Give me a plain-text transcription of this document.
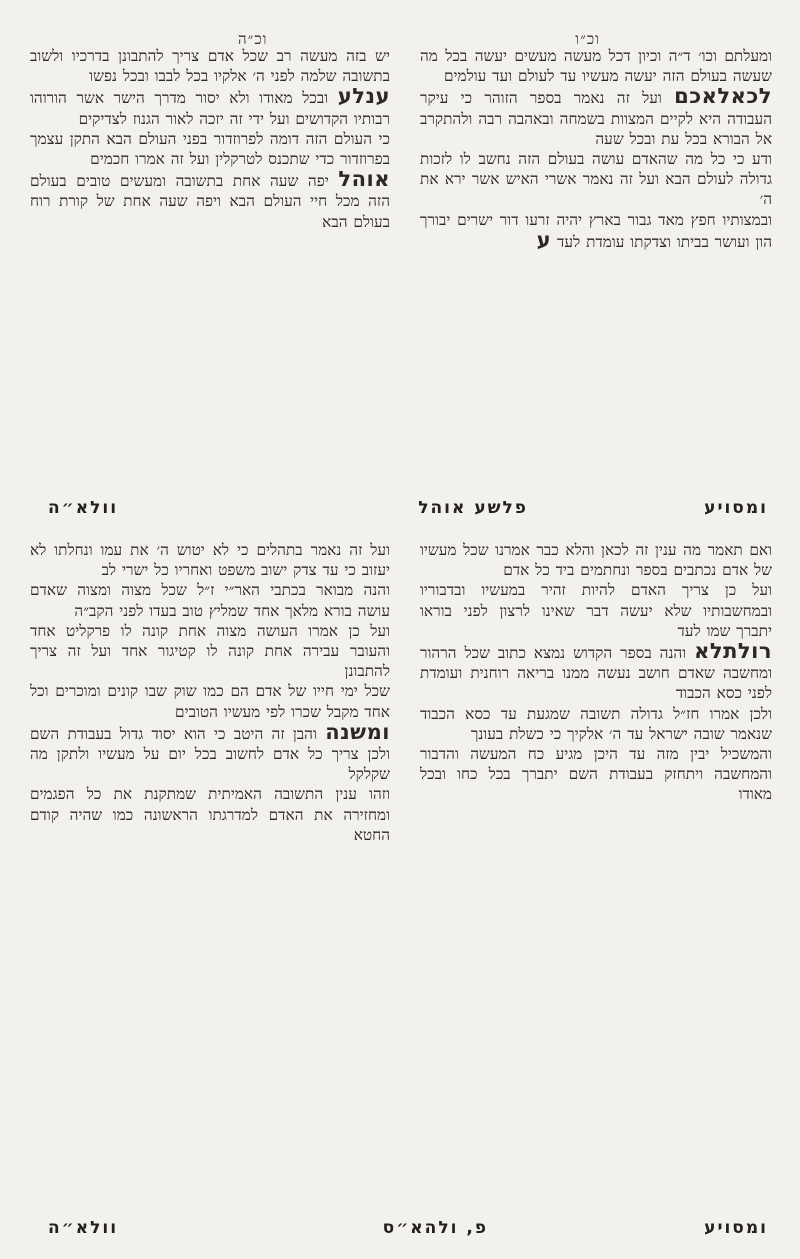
וכ״ה	וכ״ו

ומעלתם וכו׳ ד״ה וכיון דכל מעשה מעשים יעשה בכל מה שעשה בעולם הזה יעשה מעשיו עד לעולם ועד עולמים

לכאלאכם ועל זה נאמר בספר הזוהר כי עיקר העבודה היא לקיים המצוות בשמחה ובאהבה רבה ולהתקרב אל הבורא בכל עת ובכל שעה

ודע כי כל מה שהאדם עושה בעולם הזה נחשב לו לזכות גדולה לעולם הבא ועל זה נאמר אשרי האיש אשר ירא את ה׳

ובמצותיו חפץ מאד גבור בארץ יהיה זרעו דור ישרים יבורך הון ועושר בביתו וצדקתו עומדת לעד ע

יש בזה מעשה רב שכל אדם צריך להתבונן בדרכיו ולשוב בתשובה שלמה לפני ה׳ אלקיו בכל לבבו ובכל נפשו

ענלע ובכל מאודו ולא יסור מדרך הישר אשר הורוהו רבותיו הקדושים ועל ידי זה יזכה לאור הגנוז לצדיקים

כי העולם הזה דומה לפרוזדור בפני העולם הבא התקן עצמך בפרוזדור כדי שתכנס לטרקלין ועל זה אמרו חכמים

אוהל יפה שעה אחת בתשובה ומעשים טובים בעולם הזה מכל חיי העולם הבא ויפה שעה אחת של קורת רוח בעולם הבא

ומסויע
פלשע אוהל
וולא״ה

ואם תאמר מה ענין זה לכאן והלא כבר אמרנו שכל מעשיו של אדם נכתבים בספר ונחתמים ביד כל אדם

ועל כן צריך האדם להיות זהיר במעשיו ובדבוריו ובמחשבותיו שלא יעשה דבר שאינו לרצון לפני בוראו יתברך שמו לעד

רולתלא והנה בספר הקדוש נמצא כתוב שכל הרהור ומחשבה שאדם חושב נעשה ממנו בריאה רוחנית ועומדת לפני כסא הכבוד

ולכן אמרו חז״ל גדולה תשובה שמגעת עד כסא הכבוד שנאמר שובה ישראל עד ה׳ אלקיך כי כשלת בעונך

והמשכיל יבין מזה עד היכן מגיע כח המעשה והדבור והמחשבה ויתחזק בעבודת השם יתברך בכל כחו ובכל מאודו

ועל זה נאמר בתהלים כי לא יטוש ה׳ את עמו ונחלתו לא יעזוב כי עד צדק ישוב משפט ואחריו כל ישרי לב

והנה מבואר בכתבי האר״י ז״ל שכל מצוה ומצוה שאדם עושה בורא מלאך אחד שמליץ טוב בעדו לפני הקב״ה

ועל כן אמרו העושה מצוה אחת קונה לו פרקליט אחד והעובר עבירה אחת קונה לו קטיגור אחד ועל זה צריך להתבונן

שכל ימי חייו של אדם הם כמו שוק שבו קונים ומוכרים וכל אחד מקבל שכרו לפי מעשיו הטובים

ומשנה והבן זה היטב כי הוא יסוד גדול בעבודת השם ולכן צריך כל אדם לחשוב בכל יום על מעשיו ולתקן מה שקלקל

וזהו ענין התשובה האמיתית שמתקנת את כל הפגמים ומחזירה את האדם למדרגתו הראשונה כמו שהיה קודם החטא

ומסויע
פ, ולהא״ס
וולא״ה
